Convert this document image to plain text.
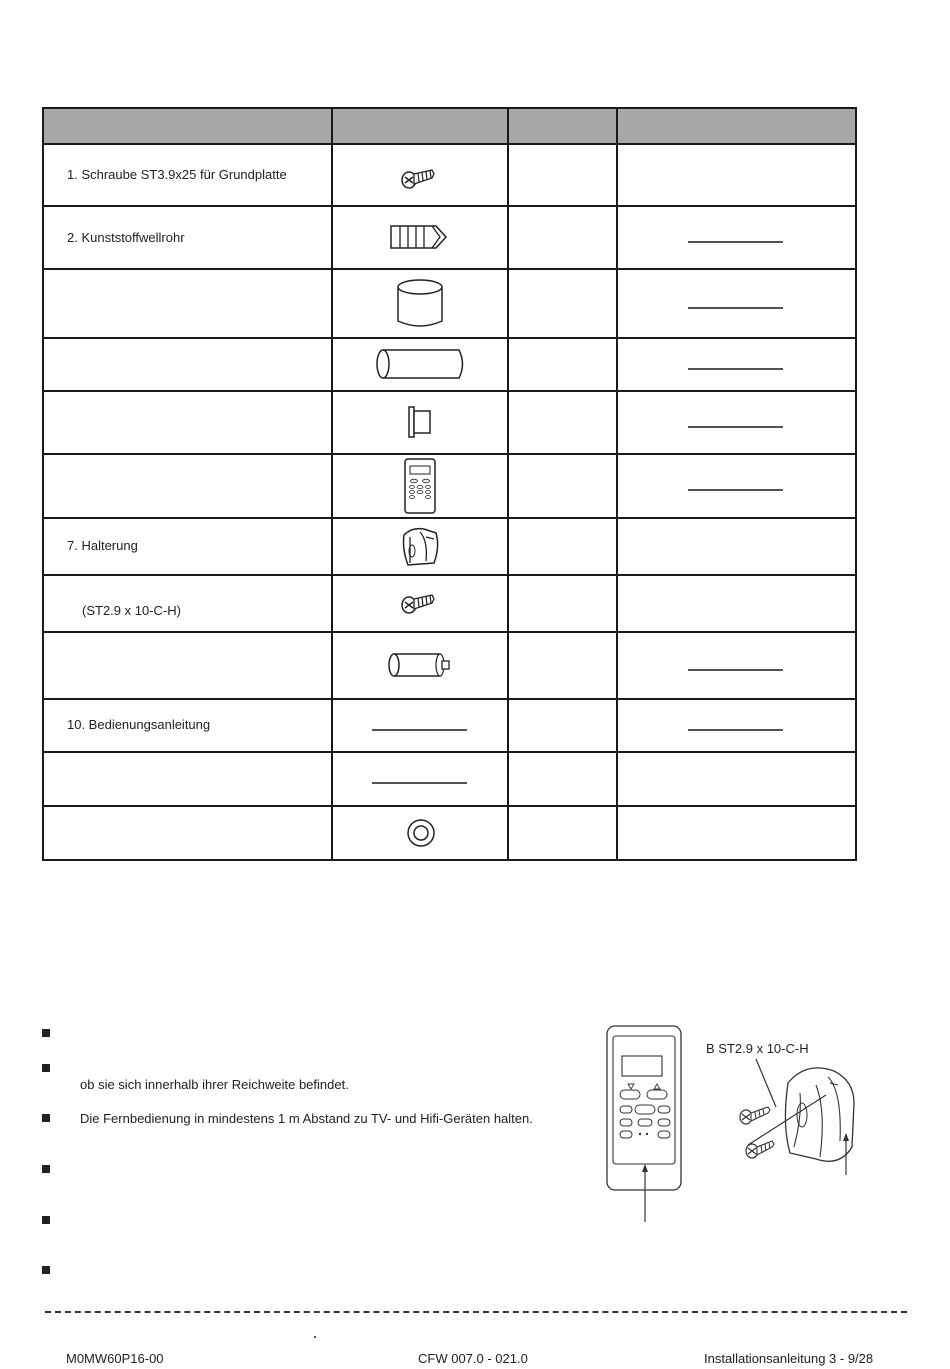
1. Schraube ST3.9x25 für Grundplatte
2. Kunststoffwellrohr
7. Halterung
(ST2.9 x 10-C-H)
10. Bedienungsanleitung
ob sie sich innerhalb ihrer Reichweite befindet.
Die Fernbedienung in mindestens 1 m Abstand zu TV- und Hifi-Geräten halten.
B ST2.9 x 10-C-H
M0MW60P16-00	CFW 007.0 - 021.0	Installationsanleitung 3 - 9/28
